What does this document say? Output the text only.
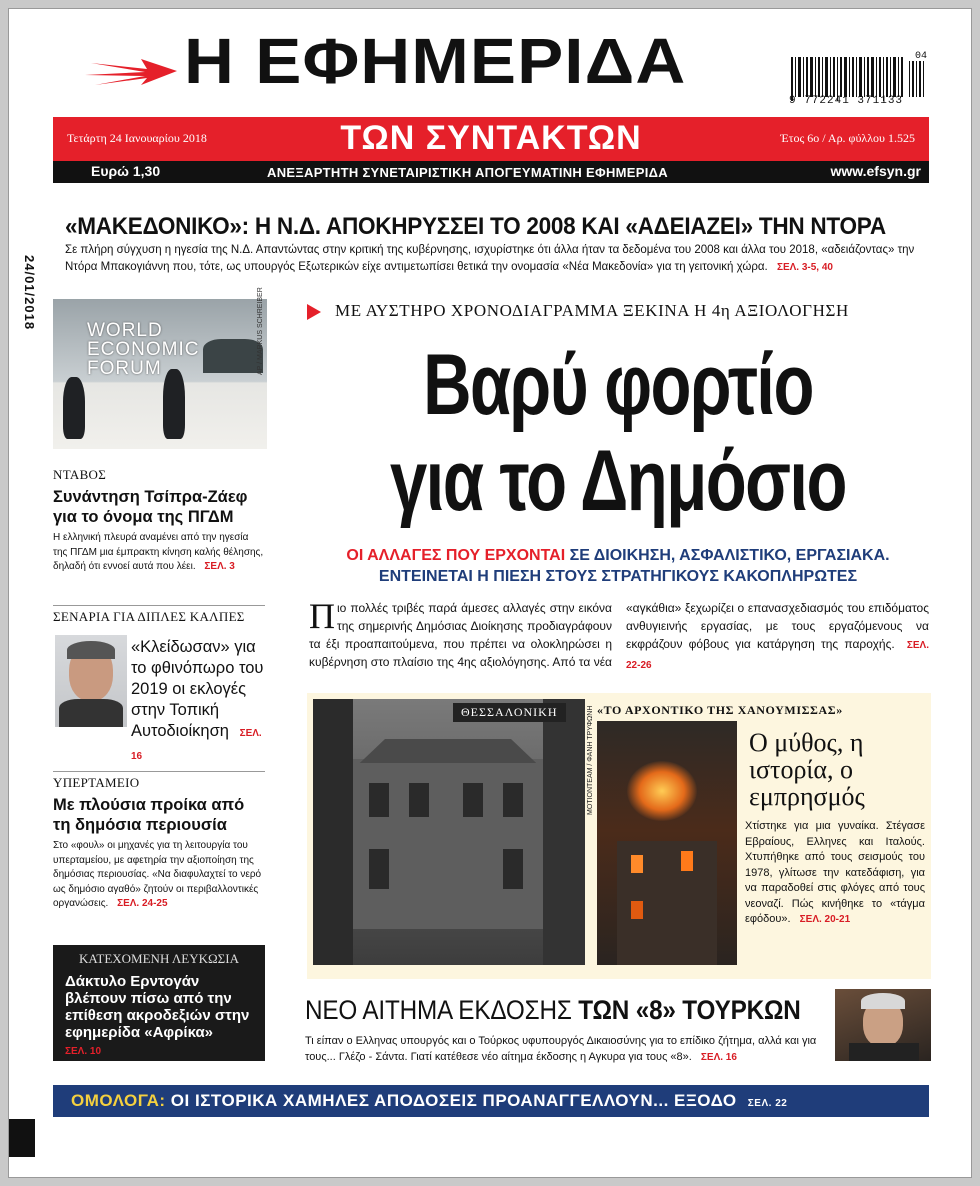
Η ΕΦΗΜΕΡΙΔΑ
9 772241 371133
04
Τετάρτη 24 Ιανουαρίου 2018	ΤΩΝ ΣΥΝΤΑΚΤΩΝ	Έτος 6ο / Αρ. φύλλου 1.525
Ευρώ 1,30	ΑΝΕΞΑΡΤΗΤΗ ΣΥΝΕΤΑΙΡΙΣΤΙΚΗ ΑΠΟΓΕΥΜΑΤΙΝΗ ΕΦΗΜΕΡΙΔΑ	www.efsyn.gr
24/01/2018
«ΜΑΚΕΔΟΝΙΚΟ»: Η Ν.Δ. ΑΠΟΚΗΡΥΣΣΕΙ ΤΟ 2008 ΚΑΙ «ΑΔΕΙΑΖΕΙ» ΤΗΝ ΝΤΟΡΑ
Σε πλήρη σύγχυση η ηγεσία της Ν.Δ. Απαντώντας στην κριτική της κυβέρνησης, ισχυρίστηκε ότι άλλα ήταν τα δεδομένα του 2008 και άλλα του 2018, «αδειάζοντας» την Ντόρα Μπακογιάννη που, τότε, ως υπουργός Εξωτερικών είχε αντιμετωπίσει θετικά την ονομασία «Νέα Μακεδονία» για τη γειτονική χώρα. ΣΕΛ. 3-5, 40
WORLD ECONOMIC FORUM	AP / MARKUS SCHREIBER
ΝΤΑΒΟΣ
Συνάντηση Τσίπρα-Ζάεφ για το όνομα της ΠΓΔΜ
Η ελληνική πλευρά αναμένει από την ηγεσία της ΠΓΔΜ μια έμπρακτη κίνηση καλής θέλησης, δηλαδή ότι εννοεί αυτά που λέει. ΣΕΛ. 3
ΣΕΝΑΡΙΑ ΓΙΑ ΔΙΠΛΕΣ ΚΑΛΠΕΣ
«Κλείδωσαν» για το φθινόπωρο του 2019 οι εκλογές στην Τοπική Αυτοδιοίκηση ΣΕΛ. 16
ΥΠΕΡΤΑΜΕΙΟ
Με πλούσια προίκα από τη δημόσια περιουσία
Στο «φουλ» οι μηχανές για τη λειτουργία του υπερταμείου, με αφετηρία την αξιοποίηση της δημόσιας περιουσίας. «Να διαφυλαχτεί το νερό ως δημόσιο αγαθό» ζητούν οι περιβαλλοντικές οργανώσεις. ΣΕΛ. 24-25
ΚΑΤΕΧΟΜΕΝΗ ΛΕΥΚΩΣΙΑ
Δάκτυλο Ερντογάν βλέπουν πίσω από την επίθεση ακροδεξιών στην εφημερίδα «Αφρίκα»
ΣΕΛ. 10
ΜΕ ΑΥΣΤΗΡΟ ΧΡΟΝΟΔΙΑΓΡΑΜΜΑ ΞΕΚΙΝΑ Η 4η ΑΞΙΟΛΟΓΗΣΗ
Βαρύ φορτίο
για το Δημόσιο
ΟΙ ΑΛΛΑΓΕΣ ΠΟΥ ΕΡΧΟΝΤΑΙ ΣΕ ΔΙΟΙΚΗΣΗ, ΑΣΦΑΛΙΣΤΙΚΟ, ΕΡΓΑΣΙΑΚΑ.
ΕΝΤΕΙΝΕΤΑΙ Η ΠΙΕΣΗ ΣΤΟΥΣ ΣΤΡΑΤΗΓΙΚΟΥΣ ΚΑΚΟΠΛΗΡΩΤΕΣ
Πιο πολλές τριβές παρά άμεσες αλλαγές στην εικόνα της σημερινής Δημόσιας Διοίκησης προδιαγράφουν τα έξι προαπαιτούμενα, που πρέπει να ολοκληρώσει η κυβέρνηση στο πλαίσιο της 4ης αξιολόγησης. Από τα νέα «αγκάθια» ξεχωρίζει ο επανασχεδιασμός του επιδόματος ανθυγιεινής εργασίας, με τους εργαζόμενους να εκφράζουν φόβους για κατάργηση της παροχής. ΣΕΛ. 22-26
ΘΕΣΣΑΛΟΝΙΚΗ	«ΤΟ ΑΡΧΟΝΤΙΚΟ ΤΗΣ ΧΑΝΟΥΜΙΣΣΑΣ»
MOTIONTEAM / ΦΑΝΗ ΤΡΥΦΩΝΗ	Ο μύθος, η ιστορία, ο εμπρησμός
Χτίστηκε για μια γυναίκα. Στέγασε Εβραίους, Ελληνες και Ιταλούς. Χτυπήθηκε από τους σεισμούς του 1978, γλίτωσε την κατεδάφιση, για να παραδοθεί στις φλόγες από τους νεοναζί. Πώς κινήθηκε το «τάγμα εφόδου». ΣΕΛ. 20-21
ΝΕΟ ΑΙΤΗΜΑ ΕΚΔΟΣΗΣ ΤΩΝ «8» ΤΟΥΡΚΩΝ
Τι είπαν ο Ελληνας υπουργός και ο Τούρκος υφυπουργός Δικαιοσύνης για το επίδικο ζήτημα, αλλά και για τους... Γλέζο - Σάντα. Γιατί κατέθεσε νέο αίτημα έκδοσης η Αγκυρα για τους «8». ΣΕΛ. 16
ΟΜΟΛΟΓΑ: ΟΙ ΙΣΤΟΡΙΚΑ ΧΑΜΗΛΕΣ ΑΠΟΔΟΣΕΙΣ ΠΡΟΑΝΑΓΓΕΛΛΟΥΝ... ΕΞΟΔΟ ΣΕΛ. 22
